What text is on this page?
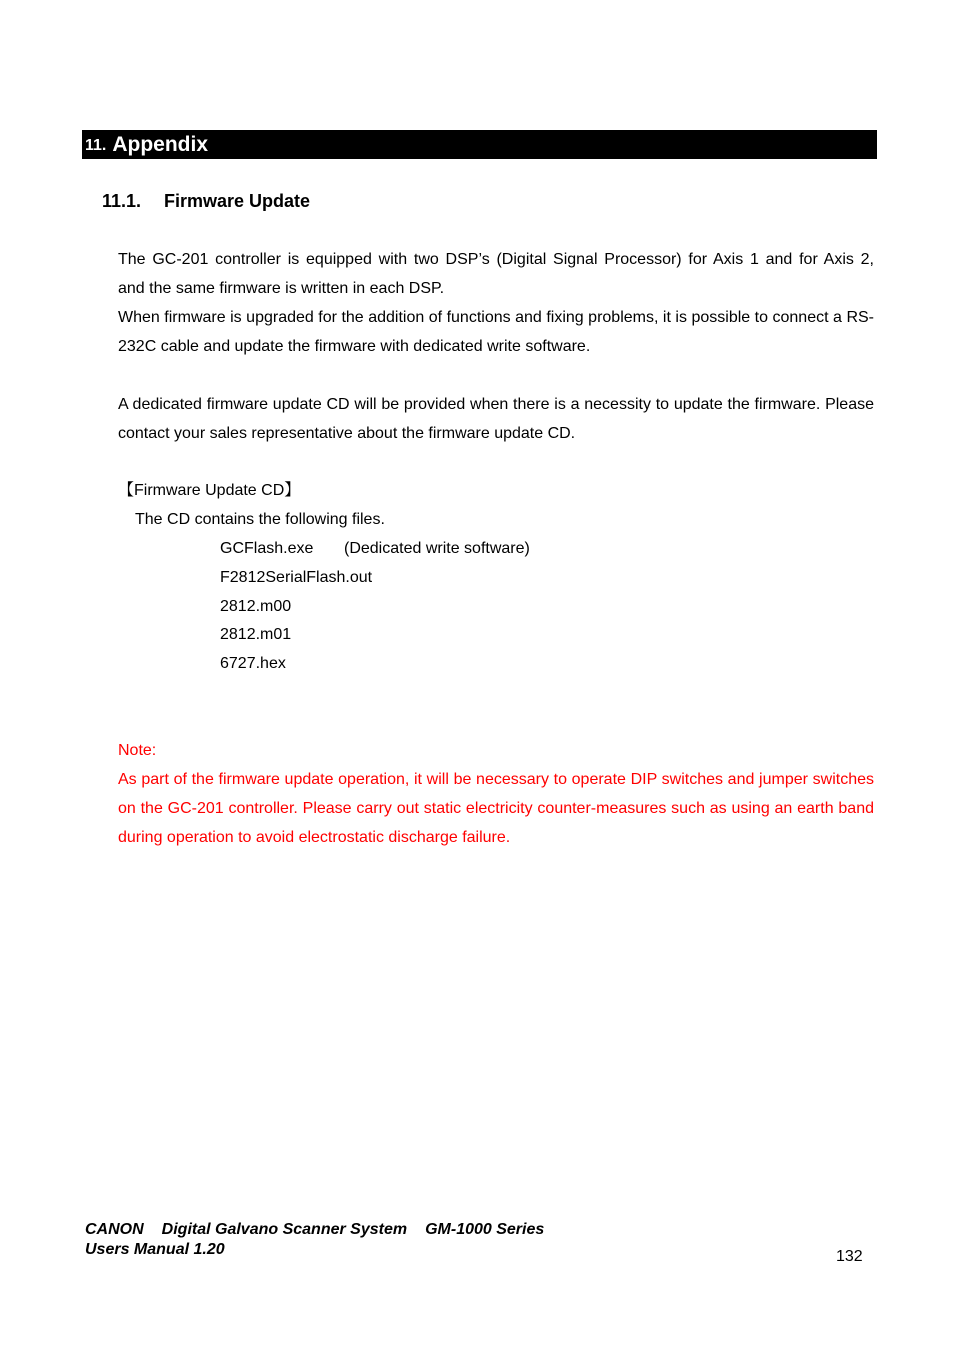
11. Appendix
11.1. Firmware Update

The GC-201 controller is equipped with two DSP’s (Digital Signal Processor) for Axis 1 and for Axis 2,

and the same firmware is written in each DSP.

When firmware is upgraded for the addition of functions and fixing problems, it is possible to connect a RS-232C cable and update the firmware with dedicated write software.

A dedicated firmware update CD will be provided when there is a necessity to update the firmware. Please contact your sales representative about the firmware update CD.

【Firmware Update CD】
The CD contains the following files.
GCFlash.exe (Dedicated write software)
F2812SerialFlash.out
2812.m00
2812.m01
6727.hex
Note:

As part of the firmware update operation, it will be necessary to operate DIP switches and jumper switches on the GC-201 controller. Please carry out static electricity counter-measures such as using an earth band during operation to avoid electrostatic discharge failure.

CANON Digital Galvano Scanner System GM-1000 Series
Users Manual 1.20	132
